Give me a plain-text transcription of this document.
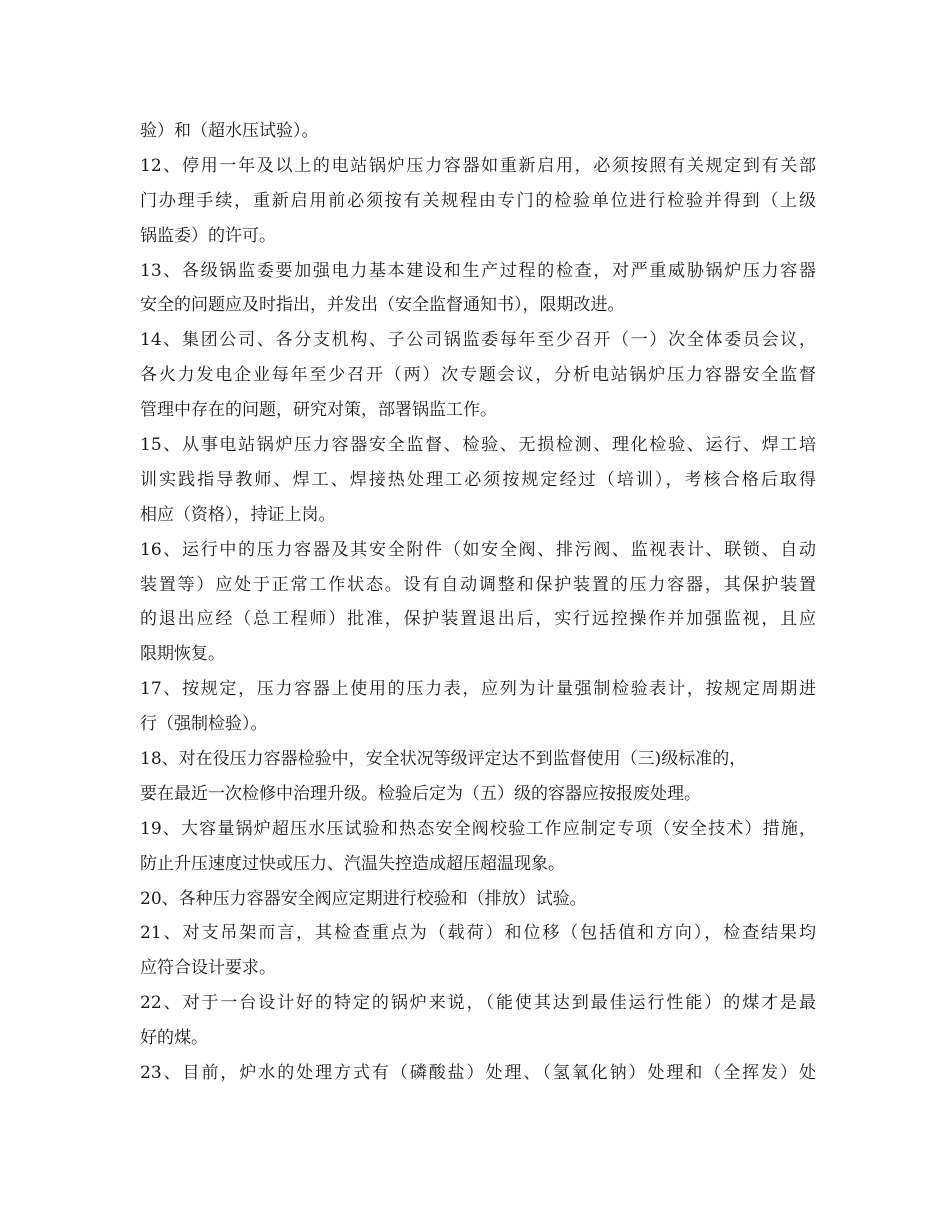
验）和（超水压试验）。
12、停用一年及以上的电站锅炉压力容器如重新启用，必须按照有关规定到有关部
门办理手续，重新启用前必须按有关规程由专门的检验单位进行检验并得到（上级
锅监委）的许可。
13、各级锅监委要加强电力基本建设和生产过程的检查，对严重威胁锅炉压力容器
安全的问题应及时指出，并发出（安全监督通知书），限期改进。
14、集团公司、各分支机构、子公司锅监委每年至少召开（一）次全体委员会议，
各火力发电企业每年至少召开（两）次专题会议，分析电站锅炉压力容器安全监督
管理中存在的问题，研究对策，部署锅监工作。
15、从事电站锅炉压力容器安全监督、检验、无损检测、理化检验、运行、焊工培
训实践指导教师、焊工、焊接热处理工必须按规定经过（培训），考核合格后取得
相应（资格），持证上岗。
16、运行中的压力容器及其安全附件（如安全阀、排污阀、监视表计、联锁、自动
装置等）应处于正常工作状态。设有自动调整和保护装置的压力容器，其保护装置
的退出应经（总工程师）批准，保护装置退出后，实行远控操作并加强监视，且应
限期恢复。
17、按规定，压力容器上使用的压力表，应列为计量强制检验表计，按规定周期进
行（强制检验）。
18、对在役压力容器检验中，安全状况等级评定达不到监督使用（三)级标准的，
要在最近一次检修中治理升级。检验后定为（五）级的容器应按报废处理。
19、大容量锅炉超压水压试验和热态安全阀校验工作应制定专项（安全技术）措施，
防止升压速度过快或压力、汽温失控造成超压超温现象。
20、各种压力容器安全阀应定期进行校验和（排放）试验。
21、对支吊架而言，其检查重点为（载荷）和位移（包括值和方向），检查结果均
应符合设计要求。
22、对于一台设计好的特定的锅炉来说，（能使其达到最佳运行性能）的煤才是最
好的煤。
23、目前，炉水的处理方式有（磷酸盐）处理、（氢氧化钠）处理和（全挥发）处
